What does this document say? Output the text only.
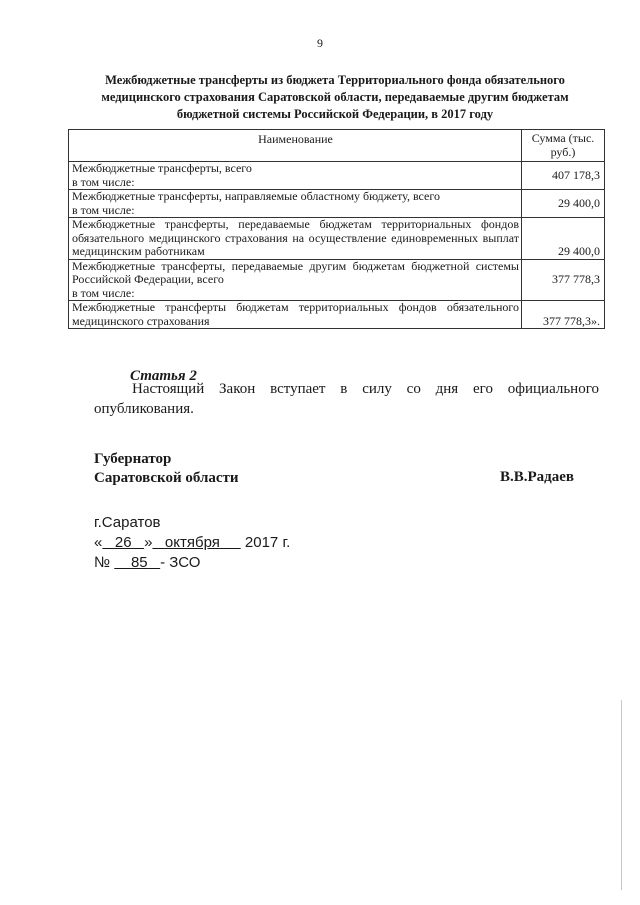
9
Межбюджетные трансферты из бюджета Территориального фонда обязательного медицинского страхования Саратовской области, передаваемые другим бюджетам бюджетной системы Российской Федерации, в 2017 году
Наименование	Сумма (тыс. руб.)

Межбюджетные трансферты, всего
в том числе:	407 178,3

Межбюджетные трансферты, направляемые областному бюджету, всего
в том числе:	29 400,0

Межбюджетные трансферты, передаваемые бюджетам территориальных фондов обязательного медицинского страхования на осуществление единовременных выплат медицинским работникам	29 400,0

Межбюджетные трансферты, передаваемые другим бюджетам бюджетной системы Российской Федерации, всего
в том числе:	377 778,3

Межбюджетные трансферты бюджетам территориальных фондов обязательного медицинского страхования	377 778,3».
Статья 2
Настоящий Закон вступает в силу со дня его официального опубликования.
Губернатор
Саратовской области	В.В.Радаев
г.Саратов
« 26 » октября 2017 г.
№ 85 - ЗСО
